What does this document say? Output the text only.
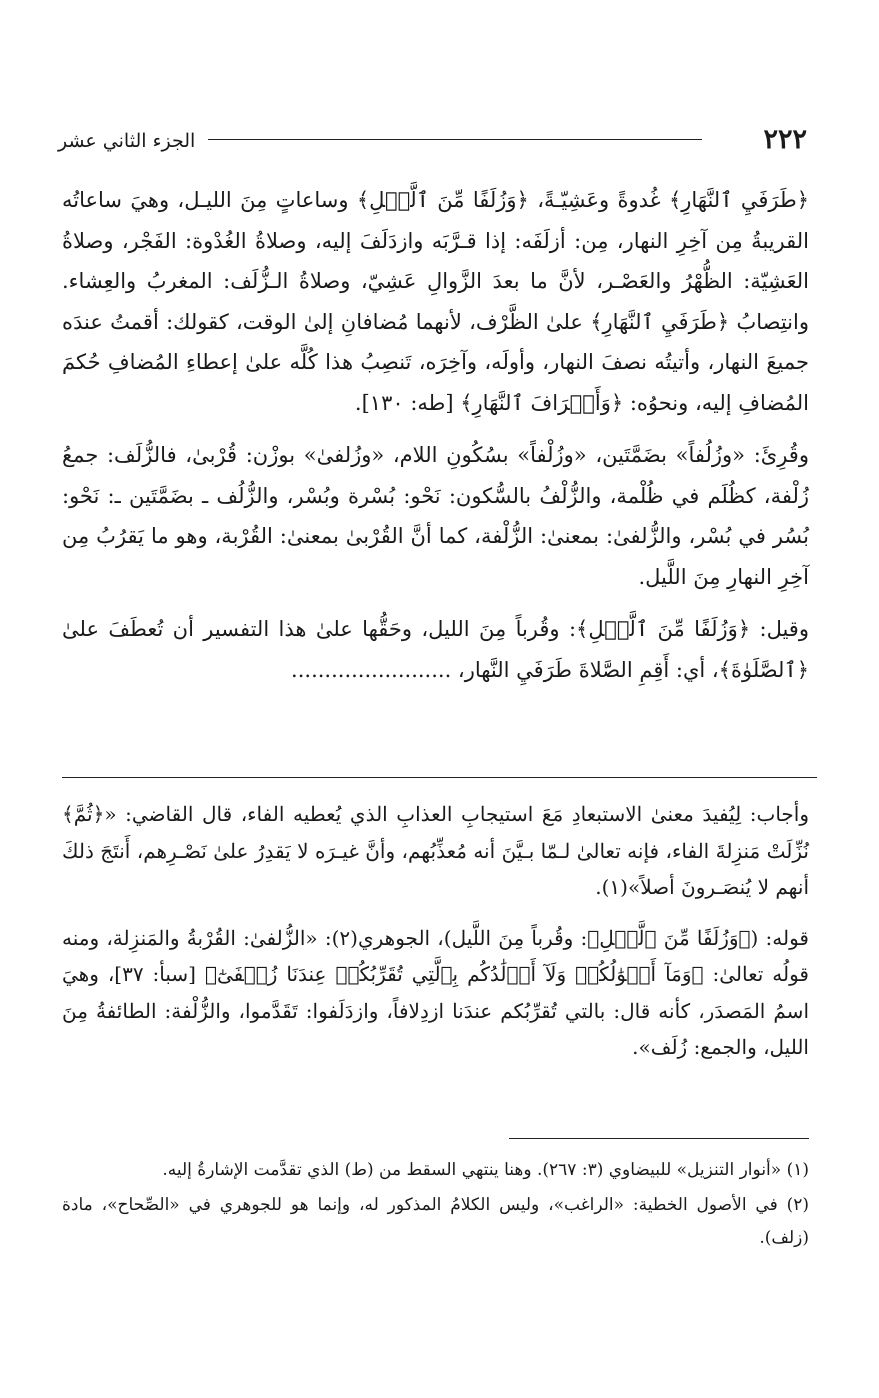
٢٢٢
الجزء الثاني عشر

﴿طَرَفَيِ ٱلنَّهَارِ﴾ غُدوةً وعَشِيّـةً، ﴿وَزُلَفًا مِّنَ ٱلَّيۡلِ﴾ وساعاتٍ مِنَ الليـل، وهيَ ساعاتُه القريبةُ مِن آخِرِ النهار، مِن: أزلَفَه: إذا قـرَّبَه وازدَلَفَ إليه، وصلاةُ الغُدْوة: الفَجْر، وصلاةُ العَشِيّة: الظُّهْرُ والعَصْـر، لأنَّ ما بعدَ الزَّوالِ عَشِيّ، وصلاةُ الـزُّلَف: المغربُ والعِشاء. وانتِصابُ ﴿طَرَفَيِ ٱلنَّهَارِ﴾ علىٰ الظَّرْف، لأنهما مُضافانِ إلىٰ الوقت، كقولك: أقمتُ عندَه جميعَ النهار، وأتيتُه نصفَ النهار، وأولَه، وآخِرَه، تَنصِبُ هذا كُلَّه علىٰ إعطاءِ المُضافِ حُكمَ المُضافِ إليه، ونحوُه: ﴿وَأَطۡرَافَ ٱلنَّهَارِ﴾ [طه: ١٣٠].

وقُرِئَ: «وزُلُفاً» بضَمَّتَين، «وزُلْفاً» بسُكُونِ اللام، «وزُلفىٰ» بوزْن: قُرْبىٰ، فالزُّلَف: جمعُ زُلْفة، كظُلَم في ظُلْمة، والزُّلْفُ بالسُّكون: نَحْو: بُسْرة وبُسْر، والزُّلُف ـ بضَمَّتَين ـ: نَحْو: بُسُر في بُسْر، والزُّلفىٰ: بمعنىٰ: الزُّلْفة، كما أنَّ القُرْبىٰ بمعنىٰ: القُرْبة، وهو ما يَقرُبُ مِن آخِرِ النهارِ مِنَ اللَّيل.

وقيل: ﴿وَزُلَفًا مِّنَ ٱلَّيۡلِ﴾: وقُرباً مِنَ الليل، وحَقُّها علىٰ هذا التفسير أن تُعطَفَ علىٰ ﴿ٱلصَّلَوٰةَ﴾، أي: أَقِمِ الصَّلاةَ طَرَفَيِ النَّهار، ........................

وأجاب: لِيُفيدَ معنىٰ الاستبعادِ مَعَ استيجابِ العذابِ الذي يُعطيه الفاء، قال القاضي: «﴿ثُمَّ﴾ نُزِّلَتْ مَنزِلةَ الفاء، فإنه تعالىٰ لـمّا بـيَّنَ أنه مُعذِّبُهم، وأنَّ غيـرَه لا يَقدِرُ علىٰ نَصْـرِهم، أَنتَجَ ذلكَ أنهم لا يُنصَـرونَ أصلاً»(١).

قوله: (﴿وَزُلَفًا مِّنَ ٱلَّيۡلِ﴾: وقُرباً مِنَ اللَّيل)، الجوهري(٢): «الزُّلفىٰ: القُرْبةُ والمَنزِلة، ومنه قولُه تعالىٰ: ﴿وَمَآ أَمۡوَٰلُكُمۡ وَلَآ أَوۡلَٰدُكُم بِٱلَّتِي تُقَرِّبُكُمۡ عِندَنَا زُلۡفَىٰٓ﴾ [سبأ: ٣٧]، وهيَ اسمُ المَصدَر، كأنه قال: بالتي تُقرِّبُكم عندَنا ازدِلافاً، وازدَلَفوا: تَقَدَّموا، والزُّلْفة: الطائفةُ مِنَ الليل، والجمع: زُلَف».

(١) «أنوار التنزيل» للبيضاوي (٣: ٢٦٧). وهنا ينتهي السقط من (ط) الذي تقدَّمت الإشارةُ إليه.

(٢) في الأصول الخطية: «الراغب»، وليس الكلامُ المذكور له، وإنما هو للجوهري في «الصِّحاح»، مادة (زلف).
